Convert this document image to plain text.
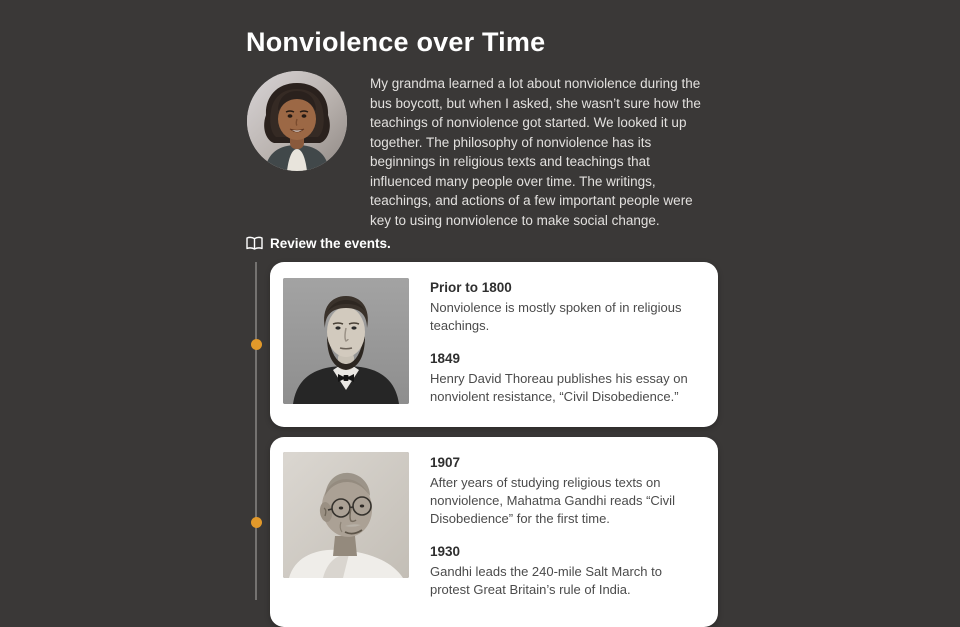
Nonviolence over Time

My grandma learned a lot about nonviolence during the bus boycott, but when I asked, she wasn’t sure how the teachings of nonviolence got started. We looked it up together. The philosophy of nonviolence has its beginnings in religious texts and teachings that influenced many people over time. The writings, teachings, and actions of a few important people were key to using nonviolence to make social change.

Review the events.
Prior to 1800

Nonviolence is mostly spoken of in religious teachings.

1849

Henry David Thoreau publishes his essay on nonviolent resistance, “Civil Disobedience.”

1907

After years of studying religious texts on nonviolence, Mahatma Gandhi reads “Civil Disobedience” for the first time.

1930

Gandhi leads the 240-mile Salt March to protest Great Britain’s rule of India.
